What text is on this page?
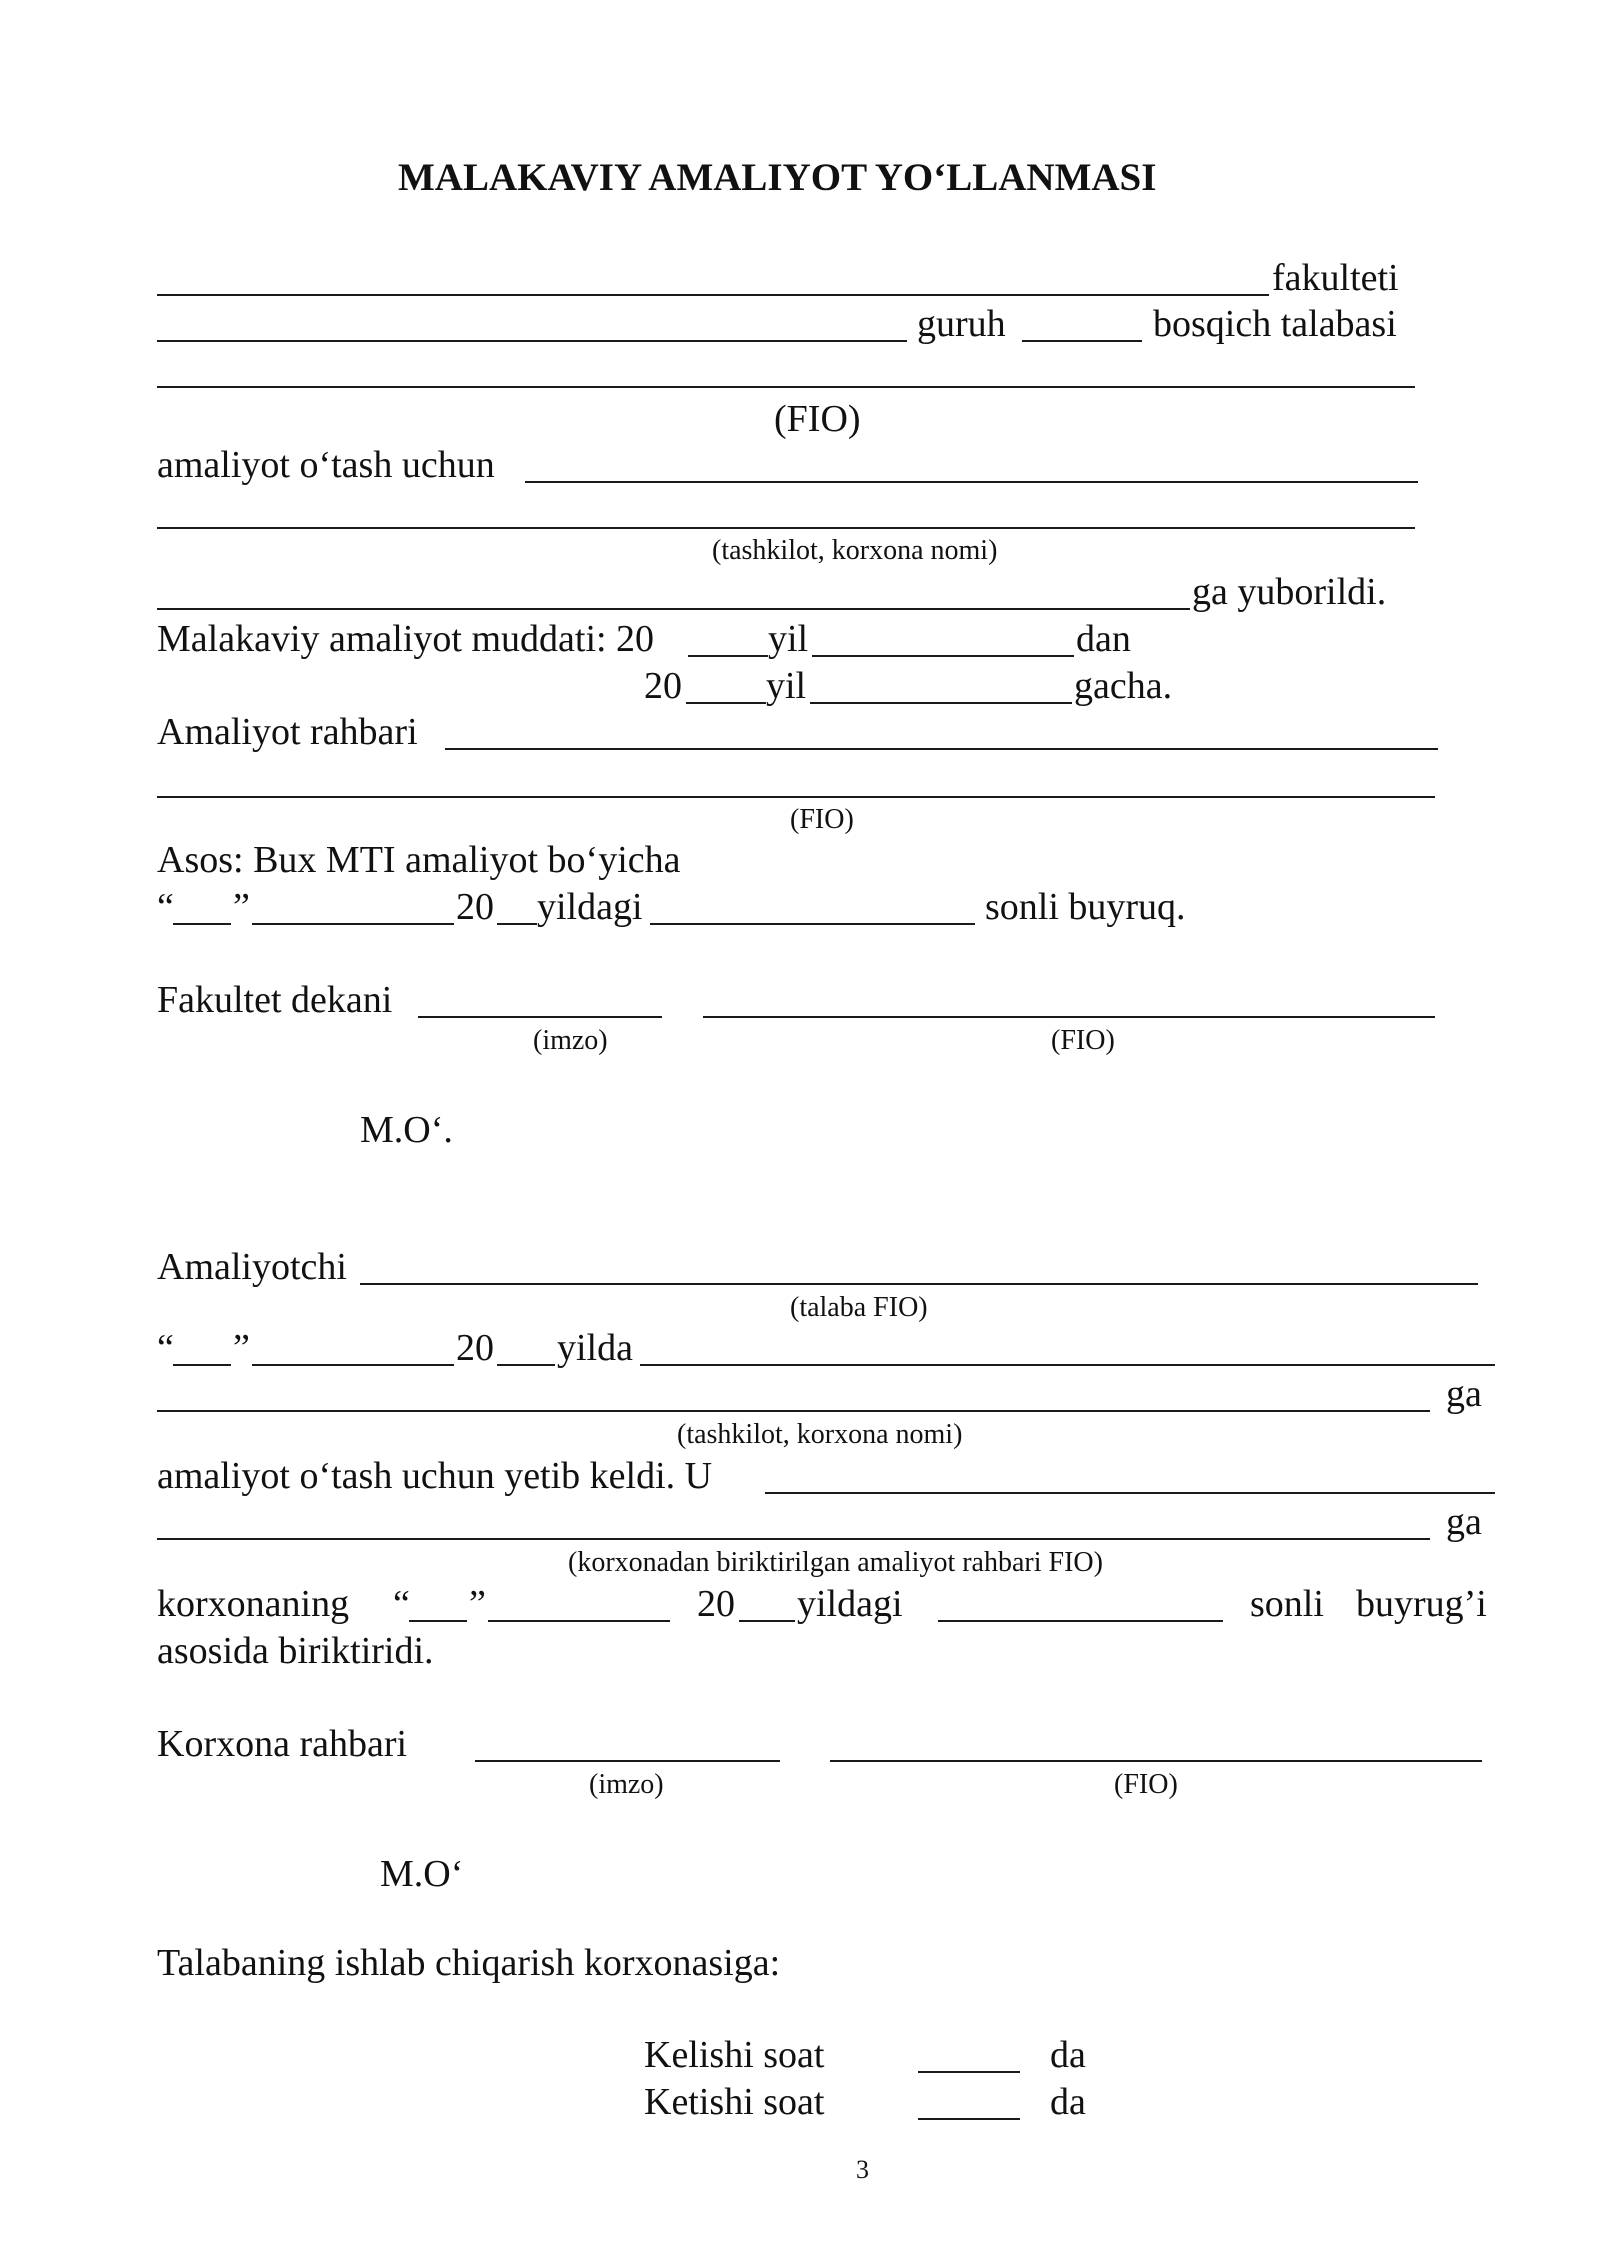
MALAKAVIY AMALIYOT YO‘LLANMASI
fakulteti
guruh	bosqich talabasi
(FIO)
amaliyot o‘tash uchun
(tashkilot, korxona nomi)
ga yuborildi.
Malakaviy amaliyot muddati: 20	yil	dan
20 yil	gacha.
Amaliyot rahbari
(FIO)
Asos: Bux MTI amaliyot bo‘yicha
“ ”	20 yildagi	sonli buyruq.
Fakultet dekani
(imzo)	(FIO)
M.O‘.
Amaliyotchi
(talaba FIO)
“ ”	20 yilda
ga
(tashkilot, korxona nomi)
amaliyot o‘tash uchun yetib keldi. U
ga
(korxonadan biriktirilgan amaliyot rahbari FIO)
korxonaning “ ”	20 yildagi	sonli buyrug’i
asosida biriktiridi.
Korxona rahbari
(imzo)	(FIO)
M.O‘
Talabaning ishlab chiqarish korxonasiga:
Kelishi soat	da
Ketishi soat	da
3
